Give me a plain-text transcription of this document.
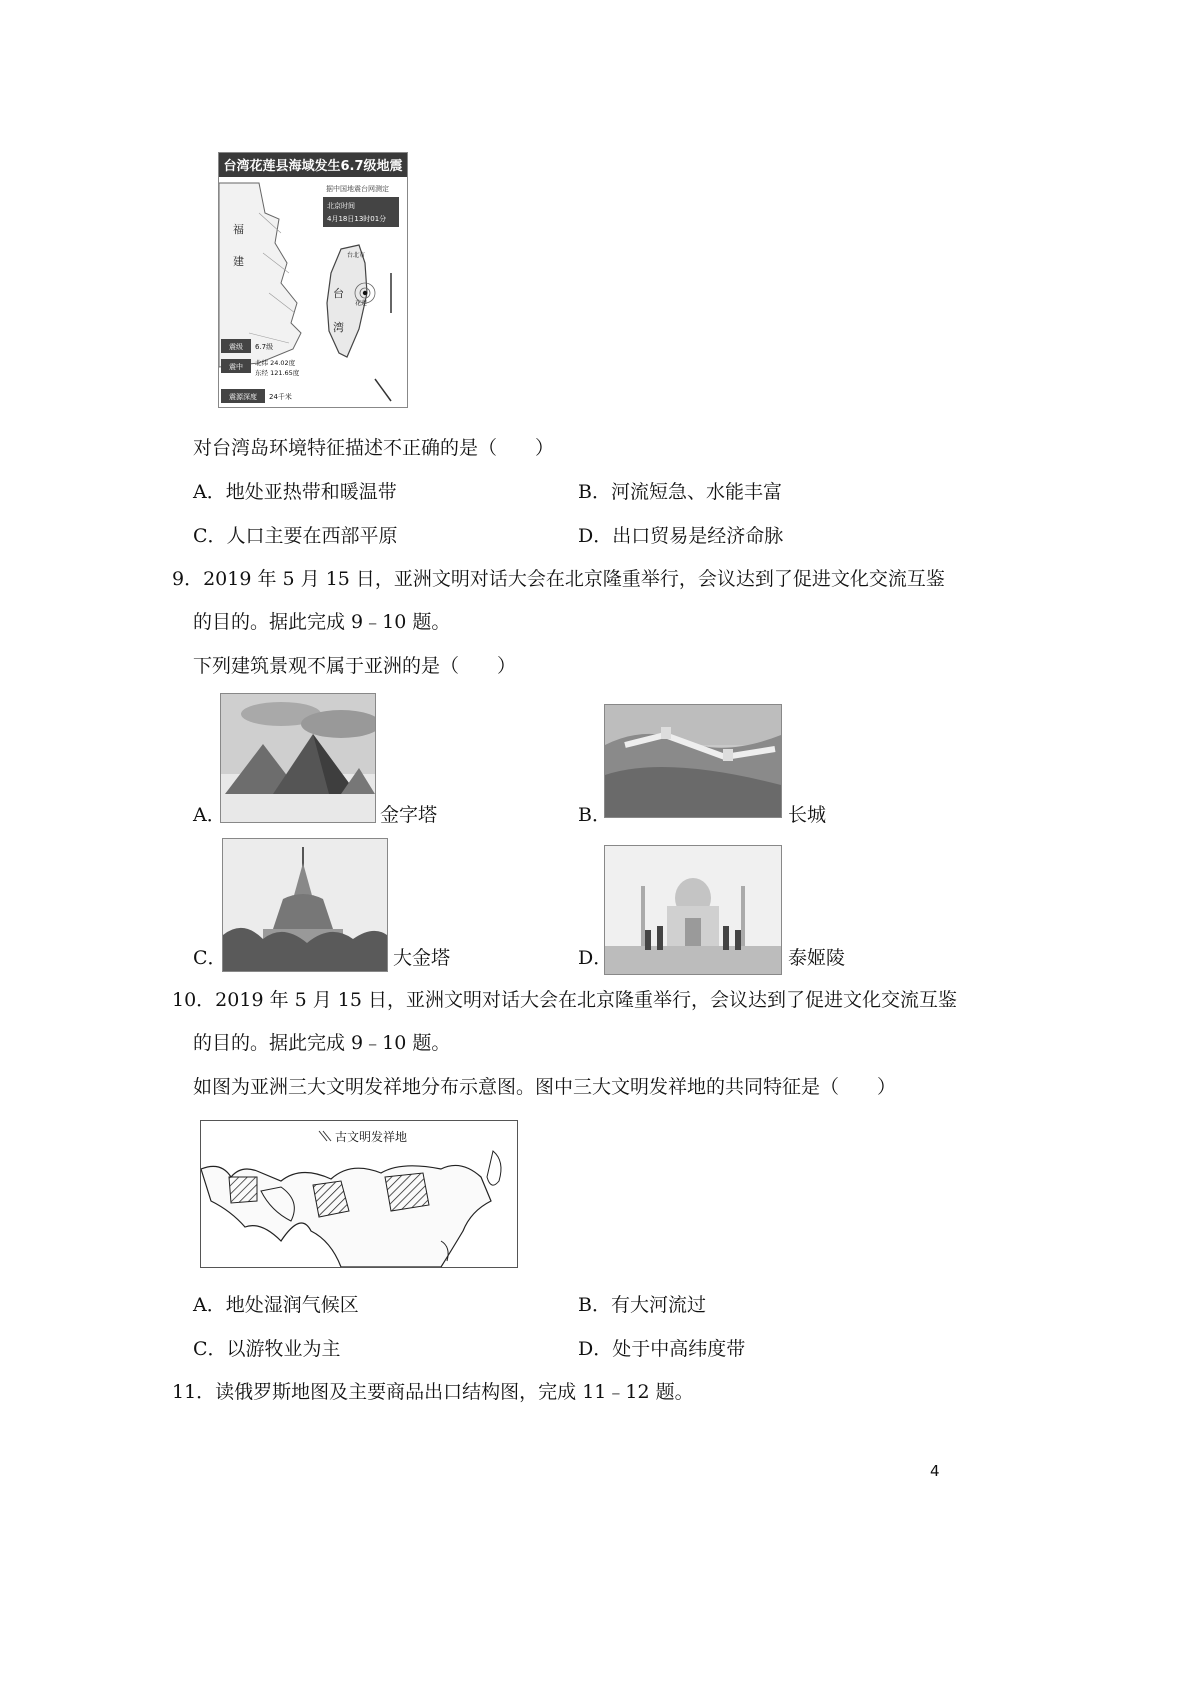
台湾花莲县海域发生6.7级地震
据中国地震台网测定
北京时间
4月18日13时01分
福
建	台北市
台
湾
花莲
震级 6.7级
震中 北纬 24.02度
东经 121.65度
震源深度 24千米
对台湾岛环境特征描述不正确的是（　　）
A．地处亚热带和暖温带	B．河流短急、水能丰富
C．人口主要在西部平原	D．出口贸易是经济命脉
9．2019 年 5 月 15 日，亚洲文明对话大会在北京隆重举行，会议达到了促进文化交流互鉴
的目的。据此完成 9﹣10 题。
下列建筑景观不属于亚洲的是（　　）
A．	金字塔	B．	长城
C．	大金塔	D．	泰姬陵
10．2019 年 5 月 15 日，亚洲文明对话大会在北京隆重举行，会议达到了促进文化交流互鉴
的目的。据此完成 9﹣10 题。
如图为亚洲三大文明发祥地分布示意图。图中三大文明发祥地的共同特征是（　　）
古文明发祥地
A．地处湿润气候区	B．有大河流过
C．以游牧业为主	D．处于中高纬度带
11．读俄罗斯地图及主要商品出口结构图，完成 11﹣12 题。
4
